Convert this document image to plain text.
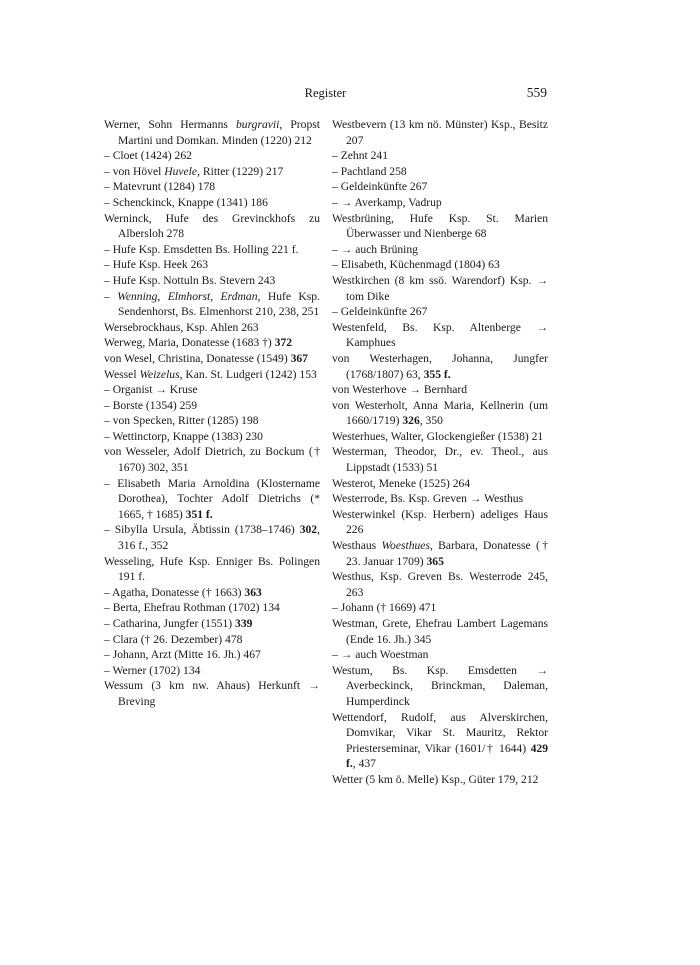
Register	559
Werner, Sohn Hermanns burgravii, Propst Martini und Domkan. Minden (1220) 212
– Cloet (1424) 262
– von Hövel Huvele, Ritter (1229) 217
– Matevrunt (1284) 178
– Schenckinck, Knappe (1341) 186
Werninck, Hufe des Grevinckhofs zu Albersloh 278
– Hufe Ksp. Emsdetten Bs. Holling 221 f.
– Hufe Ksp. Heek 263
– Hufe Ksp. Nottuln Bs. Stevern 243
– Wenning, Elmhorst, Erdman, Hufe Ksp. Sendenhorst, Bs. Elmenhorst 210, 238, 251
Wersebrockhaus, Ksp. Ahlen 263
Werweg, Maria, Donatesse (1683 †) 372
von Wesel, Christina, Donatesse (1549) 367
Wessel Weizelus, Kan. St. Ludgeri (1242) 153
– Organist → Kruse
– Borste (1354) 259
– von Specken, Ritter (1285) 198
– Wettinctorp, Knappe (1383) 230
von Wesseler, Adolf Dietrich, zu Bockum († 1670) 302, 351
– Elisabeth Maria Arnoldina (Klostername Dorothea), Tochter Adolf Dietrichs (* 1665, † 1685) 351 f.
– Sibylla Ursula, Äbtissin (1738–1746) 302, 316 f., 352
Wesseling, Hufe Ksp. Enniger Bs. Polingen 191 f.
– Agatha, Donatesse († 1663) 363
– Berta, Ehefrau Rothman (1702) 134
– Catharina, Jungfer (1551) 339
– Clara († 26. Dezember) 478
– Johann, Arzt (Mitte 16. Jh.) 467
– Werner (1702) 134
Wessum (3 km nw. Ahaus) Herkunft → Breving
Westbevern (13 km nö. Münster) Ksp., Besitz 207
– Zehnt 241
– Pachtland 258
– Geldeinkünfte 267
– → Averkamp, Vadrup
Westbrüning, Hufe Ksp. St. Marien Überwasser und Nienberge 68
– → auch Brüning
– Elisabeth, Küchenmagd (1804) 63
Westkirchen (8 km ssö. Warendorf) Ksp. → tom Dike
– Geldeinkünfte 267
Westenfeld, Bs. Ksp. Altenberge → Kamphues
von Westerhagen, Johanna, Jungfer (1768/1807) 63, 355 f.
von Westerhove → Bernhard
von Westerholt, Anna Maria, Kellnerin (um 1660/1719) 326, 350
Westerhues, Walter, Glockengießer (1538) 21
Westerman, Theodor, Dr., ev. Theol., aus Lippstadt (1533) 51
Westerot, Meneke (1525) 264
Westerrode, Bs. Ksp. Greven → Westhus
Westerwinkel (Ksp. Herbern) adeliges Haus 226
Westhaus Woesthues, Barbara, Donatesse († 23. Januar 1709) 365
Westhus, Ksp. Greven Bs. Westerrode 245, 263
– Johann († 1669) 471
Westman, Grete, Ehefrau Lambert Lagemans (Ende 16. Jh.) 345
– → auch Woestman
Westum, Bs. Ksp. Emsdetten → Averbeckinck, Brinckman, Daleman, Humperdinck
Wettendorf, Rudolf, aus Alverskirchen, Domvikar, Vikar St. Mauritz, Rektor Priesterseminar, Vikar (1601/† 1644) 429 f., 437
Wetter (5 km ö. Melle) Ksp., Güter 179, 212
